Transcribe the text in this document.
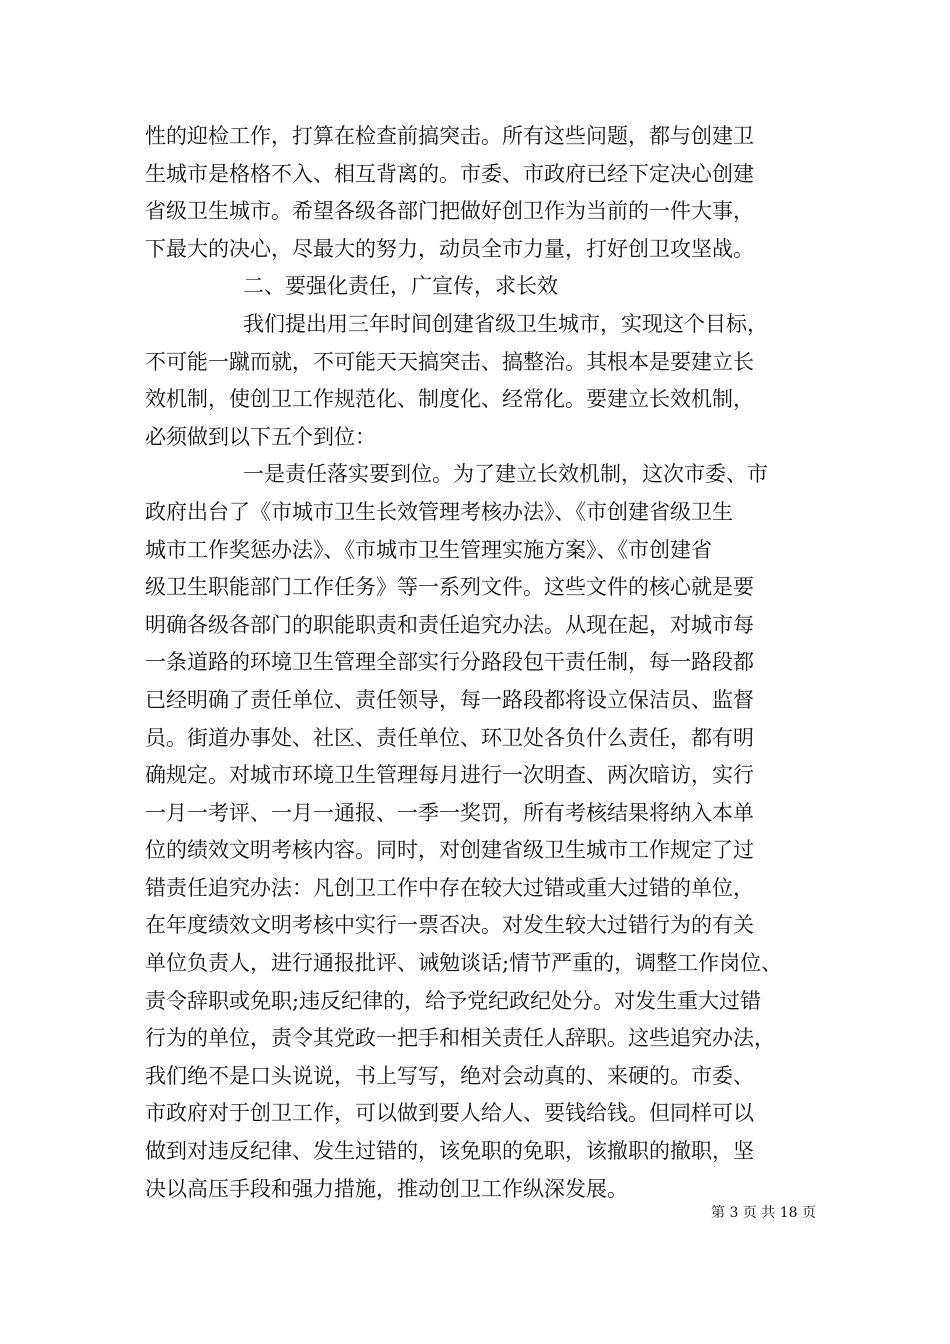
性的迎检工作，打算在检查前搞突击。所有这些问题，都与创建卫
生城市是格格不入、相互背离的。市委、市政府已经下定决心创建
省级卫生城市。希望各级各部门把做好创卫作为当前的一件大事，
下最大的决心，尽最大的努力，动员全市力量，打好创卫攻坚战。
二、要强化责任，广宣传，求长效
我们提出用三年时间创建省级卫生城市，实现这个目标，
不可能一蹴而就，不可能天天搞突击、搞整治。其根本是要建立长
效机制，使创卫工作规范化、制度化、经常化。要建立长效机制，
必须做到以下五个到位：
一是责任落实要到位。为了建立长效机制，这次市委、市
政府出台了《市城市卫生长效管理考核办法》、《市创建省级卫生
城市工作奖惩办法》、《市城市卫生管理实施方案》、《市创建省
级卫生职能部门工作任务》等一系列文件。这些文件的核心就是要
明确各级各部门的职能职责和责任追究办法。从现在起，对城市每
一条道路的环境卫生管理全部实行分路段包干责任制，每一路段都
已经明确了责任单位、责任领导，每一路段都将设立保洁员、监督
员。街道办事处、社区、责任单位、环卫处各负什么责任，都有明
确规定。对城市环境卫生管理每月进行一次明查、两次暗访，实行
一月一考评、一月一通报、一季一奖罚，所有考核结果将纳入本单
位的绩效文明考核内容。同时，对创建省级卫生城市工作规定了过
错责任追究办法：凡创卫工作中存在较大过错或重大过错的单位，
在年度绩效文明考核中实行一票否决。对发生较大过错行为的有关
单位负责人，进行通报批评、诫勉谈话;情节严重的，调整工作岗位、
责令辞职或免职;违反纪律的，给予党纪政纪处分。对发生重大过错
行为的单位，责令其党政一把手和相关责任人辞职。这些追究办法，
我们绝不是口头说说，书上写写，绝对会动真的、来硬的。市委、
市政府对于创卫工作，可以做到要人给人、要钱给钱。但同样可以
做到对违反纪律、发生过错的，该免职的免职，该撤职的撤职，坚
决以高压手段和强力措施，推动创卫工作纵深发展。
第 3 页 共 18 页
